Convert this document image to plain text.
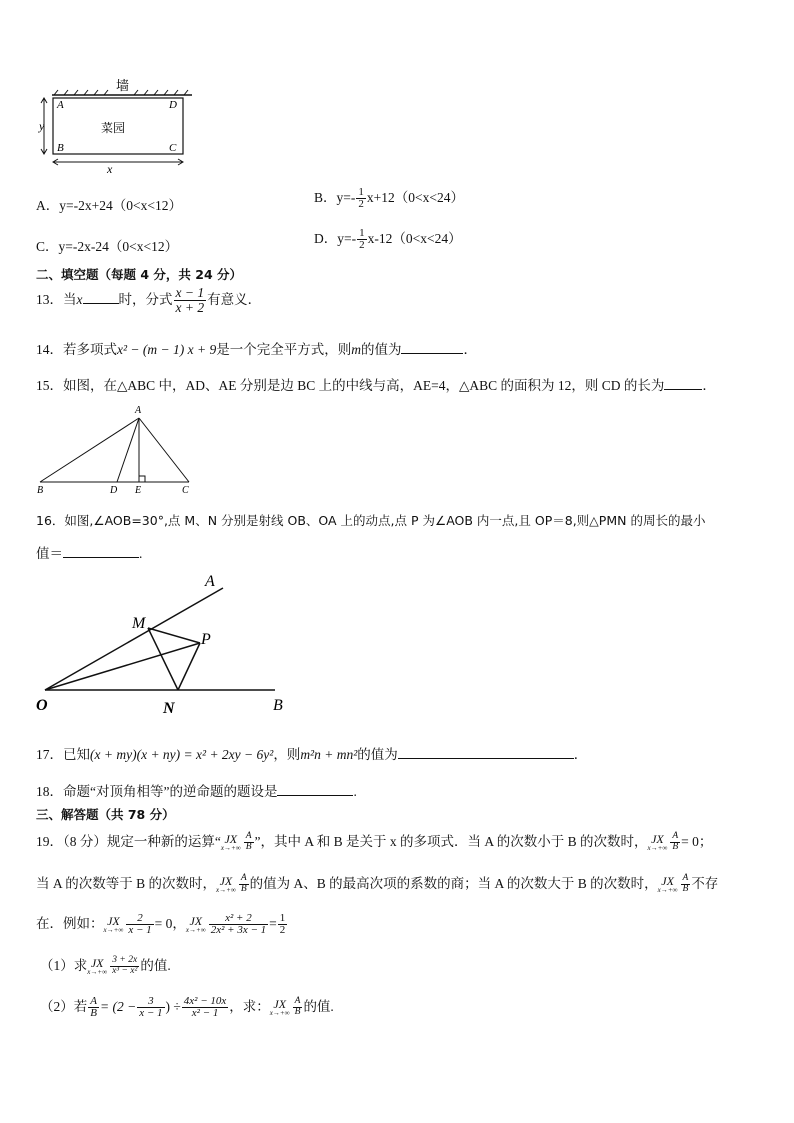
墙
A	D
B	C
菜园
y
x
A．y=-2x+24（0<x<12）
B．$y=- \frac{1}{2} x+12(0<x<24)$
C．y=-2x-24（0<x<12）
D．$y=- \frac{1}{2} x-12(0<x<24)$
二、填空题（每题 4 分，共 24 分）
13．当x	时，分式 $\frac{x - 1}{x + 2}$ 有意义．
14．若多项式x² − (m − 1) x + 9是一个完全平方式，则m的值为	．
15．如图，在△ABC 中，AD、AE 分别是边 BC 上的中线与高，AE=4，△ABC 的面积为 12，则 CD 的长为	．
A
B	D E	C
16．如图,∠AOB=30°,点 M、N 分别是射线 OB、OA 上的动点,点 P 为∠AOB 内一点,且 OP＝8,则△PMN 的周长的最小
值＝	.
A
M
P
O	N	B
17．已知(x + my)(x + ny) = x² + 2xy − 6y²，则m²n + mn²的值为	．
18．命题“对顶角相等”的逆命题的题设是	.
三、解答题（共 78 分）
19．（8 分）规定一种新的运算“ JX
$x\to+\infty \frac{A}{B}$ ”，其中 A 和 B 是关于 x 的多项式．当 A 的次数小于 B 的次数时， JX
$x\to+\infty \frac{A}{B} = 0$；
当 A 的次数等于 B 的次数时， JX
$x\to+\infty \frac{A}{B}$ 的值为 A、B 的最高次项的系数的商；当 A 的次数大于 B 的次数时， JX
$x\to+\infty \frac{A}{B}$ 不存
在．例如： JX
$x\to+\infty \frac{2}{x - 1} = 0$， JX
$x\to+\infty \frac{\text{x² + 2}}{\text{2x² + 3x − 1}} = \frac{1}{2}$
（1）求 JX
$x\to+\infty \frac{3 + 2x}{\text{x³ − x²}}$ 的值.
（2）若 $\frac{A}{B} = (2 - \frac{3}{x - 1}$ ) ÷ $\frac{\text{4x² − 10x}}{\text{x² − 1}}$ ，求： JX
$x\to+\infty \frac{A}{B}$ 的值.
